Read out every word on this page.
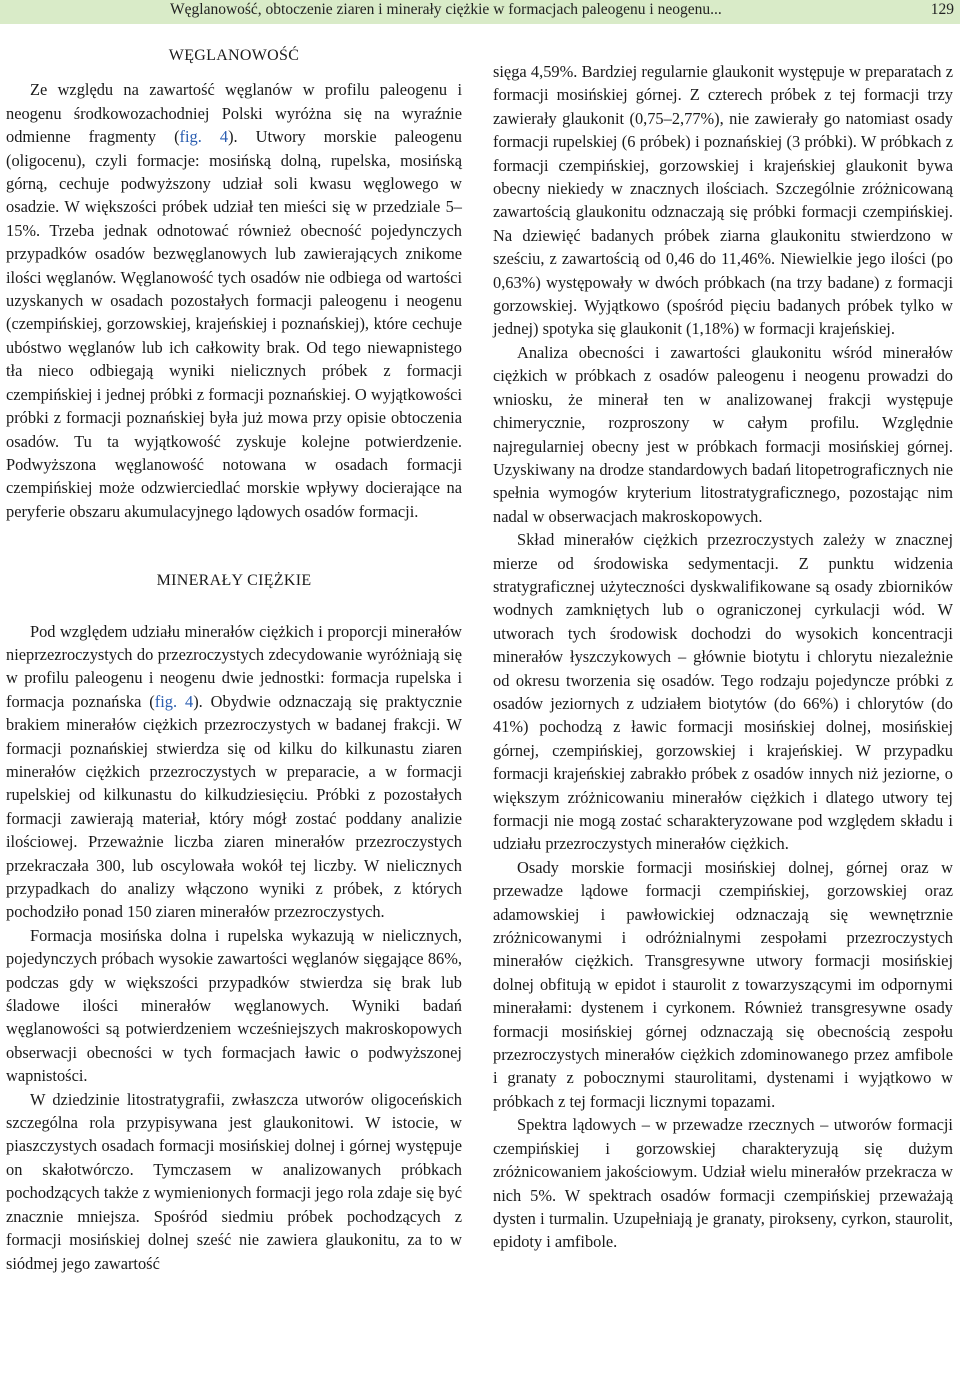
Węglanowość, obtoczenie ziaren i minerały ciężkie w formacjach paleogenu i neogenu...	129

WĘGLANOWOŚĆ

Ze względu na zawartość węglanów w profilu paleogenu i neogenu środkowozachodniej Polski wyróżna się na wyraźnie odmienne fragmenty (fig. 4). Utwory morskie paleogenu (oligocenu), czyli formacje: mosińską dolną, rupelska, mosińską górną, cechuje podwyższony udział soli kwasu węglowego w osadzie. W większości próbek udział ten mieści się w przedziale 5–15%. Trzeba jednak odnotować również obecność pojedynczych przypadków osadów bezwęglanowych lub zawierających znikome ilości węglanów. Węglanowość tych osadów nie odbiega od wartości uzyskanych w osadach pozostałych formacji paleogenu i neogenu (czempińskiej, gorzowskiej, krajeńskiej i poznańskiej), które cechuje ubóstwo węglanów lub ich całkowity brak. Od tego niewapnistego tła nieco odbiegają wyniki nielicznych próbek z formacji czempińskiej i jednej próbki z formacji poznańskiej. O wyjątkowości próbki z formacji poznańskiej była już mowa przy opisie obtoczenia osadów. Tu ta wyjątkowość zyskuje kolejne potwierdzenie. Podwyższona węglanowość notowana w osadach formacji czempińskiej może odzwierciedlać morskie wpływy docierające na peryferie obszaru akumulacyjnego lądowych osadów formacji.

MINERAŁY CIĘŻKIE

Pod względem udziału minerałów ciężkich i proporcji minerałów nieprzezroczystych do przezroczystych zdecydowanie wyróżniają się w profilu paleogenu i neogenu dwie jednostki: formacja rupelska i formacja poznańska (fig. 4). Obydwie odznaczają się praktycznie brakiem minerałów ciężkich przezroczystych w badanej frakcji. W formacji poznańskiej stwierdza się od kilku do kilkunastu ziaren minerałów ciężkich przezroczystych w preparacie, a w formacji rupelskiej od kilkunastu do kilkudziesięciu. Próbki z pozostałych formacji zawierają materiał, który mógł zostać poddany analizie ilościowej. Przeważnie liczba ziaren minerałów przezroczystych przekraczała 300, lub oscylowała wokół tej liczby. W nielicznych przypadkach do analizy włączono wyniki z próbek, z których pochodziło ponad 150 ziaren minerałów przezroczystych.

Formacja mosińska dolna i rupelska wykazują w nielicznych, pojedynczych próbach wysokie zawartości węglanów sięgające 86%, podczas gdy w większości przypadków stwierdza się brak lub śladowe ilości minerałów węglanowych. Wyniki badań węglanowości są potwierdzeniem wcześniejszych makroskopowych obserwacji obecności w tych formacjach ławic o podwyższonej wapnistości.

W dziedzinie litostratygrafii, zwłaszcza utworów oligoceńskich szczególna rola przypisywana jest glaukonitowi. W istocie, w piaszczystych osadach formacji mosińskiej dolnej i górnej występuje on skałotwórczo. Tymczasem w analizowanych próbkach pochodzących także z wymienionych formacji jego rola zdaje się być znacznie mniejsza. Spośród siedmiu próbek pochodzących z formacji mosińskiej dolnej sześć nie zawiera glaukonitu, za to w siódmej jego zawartość

sięga 4,59%. Bardziej regularnie glaukonit występuje w preparatach z formacji mosińskiej górnej. Z czterech próbek z tej formacji trzy zawierały glaukonit (0,75–2,77%), nie zawierały go natomiast osady formacji rupelskiej (6 próbek) i poznańskiej (3 próbki). W próbkach z formacji czempińskiej, gorzowskiej i krajeńskiej glaukonit bywa obecny niekiedy w znacznych ilościach. Szczególnie zróżnicowaną zawartością glaukonitu odznaczają się próbki formacji czempińskiej. Na dziewięć badanych próbek ziarna glaukonitu stwierdzono w sześciu, z zawartością od 0,46 do 11,46%. Niewielkie jego ilości (po 0,63%) występowały w dwóch próbkach (na trzy badane) z formacji gorzowskiej. Wyjątkowo (spośród pięciu badanych próbek tylko w jednej) spotyka się glaukonit (1,18%) w formacji krajeńskiej.

Analiza obecności i zawartości glaukonitu wśród minerałów ciężkich w próbkach z osadów paleogenu i neogenu prowadzi do wniosku, że minerał ten w analizowanej frakcji występuje chimerycznie, rozproszony w całym profilu. Względnie najregularniej obecny jest w próbkach formacji mosińskiej górnej. Uzyskiwany na drodze standardowych badań litopetrograficznych nie spełnia wymogów kryterium litostratygraficznego, pozostając nim nadal w obserwacjach makroskopowych.

Skład minerałów ciężkich przezroczystych zależy w znacznej mierze od środowiska sedymentacji. Z punktu widzenia stratygraficznej użyteczności dyskwalifikowane są osady zbiorników wodnych zamkniętych lub o ograniczonej cyrkulacji wód. W utworach tych środowisk dochodzi do wysokich koncentracji minerałów łyszczykowych – głównie biotytu i chlorytu niezależnie od okresu tworzenia się osadów. Tego rodzaju pojedyncze próbki z osadów jeziornych z udziałem biotytów (do 66%) i chlorytów (do 41%) pochodzą z ławic formacji mosińskiej dolnej, mosińskiej górnej, czempińskiej, gorzowskiej i krajeńskiej. W przypadku formacji krajeńskiej zabrakło próbek z osadów innych niż jeziorne, o większym zróżnicowaniu minerałów ciężkich i dlatego utwory tej formacji nie mogą zostać scharakteryzowane pod względem składu i udziału przezroczystych minerałów ciężkich.

Osady morskie formacji mosińskiej dolnej, górnej oraz w przewadze lądowe formacji czempińskiej, gorzowskiej oraz adamowskiej i pawłowickiej odznaczają się wewnętrznie zróżnicowanymi i odróżnialnymi zespołami przezroczystych minerałów ciężkich. Transgresywne utwory formacji mosińskiej dolnej obfitują w epidot i staurolit z towarzyszącymi im odpornymi minerałami: dystenem i cyrkonem. Również transgresywne osady formacji mosińskiej górnej odznaczają się obecnością zespołu przezroczystych minerałów ciężkich zdominowanego przez amfibole i granaty z pobocznymi staurolitami, dystenami i wyjątkowo w próbkach z tej formacji licznymi topazami.

Spektra lądowych – w przewadze rzecznych – utworów formacji czempińskiej i gorzowskiej charakteryzują się dużym zróżnicowaniem jakościowym. Udział wielu minerałów przekracza w nich 5%. W spektrach osadów formacji czempińskiej przeważają dysten i turmalin. Uzupełniają je granaty, pirokseny, cyrkon, staurolit, epidoty i amfibole.
